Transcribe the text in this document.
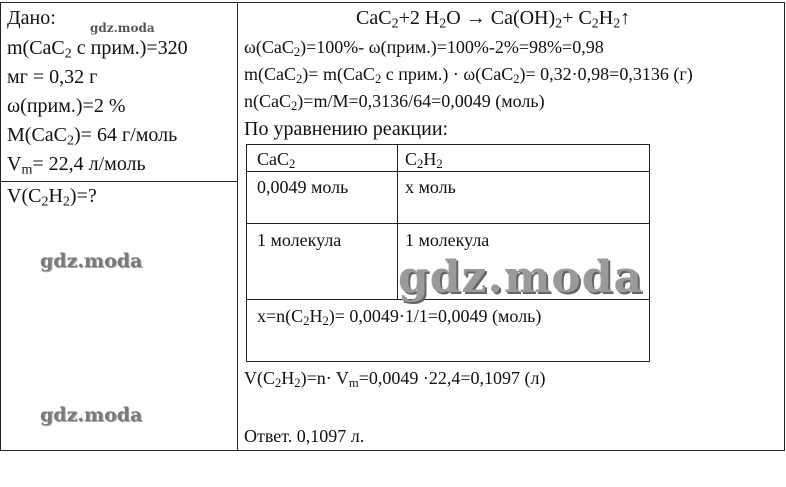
Дано:
m(CaC$_2$ с прим.)=320
мг = 0,32 г
ω(прим.)=2 %
M(CaC$_2$)= 64 г/моль
$V_m= 22,4$ л/моль
$V(C_2H_2)=$?
CaC$_2$+2 $H_2O \to Ca(OH)_2+$ $C_2H_2↑$
ω(CaC$_2$)=100%- ω(прим.)=100%-2%=98%=0,98
m(CaC$_2$)= m(CaC$_2$ с прим.) · ω(CaC$_2$)= 0,32·0,98=0,3136 (г)
n(CaC$_2$)=m/M=0,3136/64=0,0049 (моль)
По уравнению реакции:
CaC$_2$	$C_2H_2$
0,0049 моль	x моль
1 молекула	1 молекула
$x=n(C_2H_2)= 0,0049\cdot 1/1=0,0049$ (моль)
$V(C_2H_2)=n\cdot V_m=0,0049 \cdot 22,4=0,1097$ (л)
Ответ. 0,1097 л.
gdz.moda
gdz.moda
gdz.moda
gdz.moda
